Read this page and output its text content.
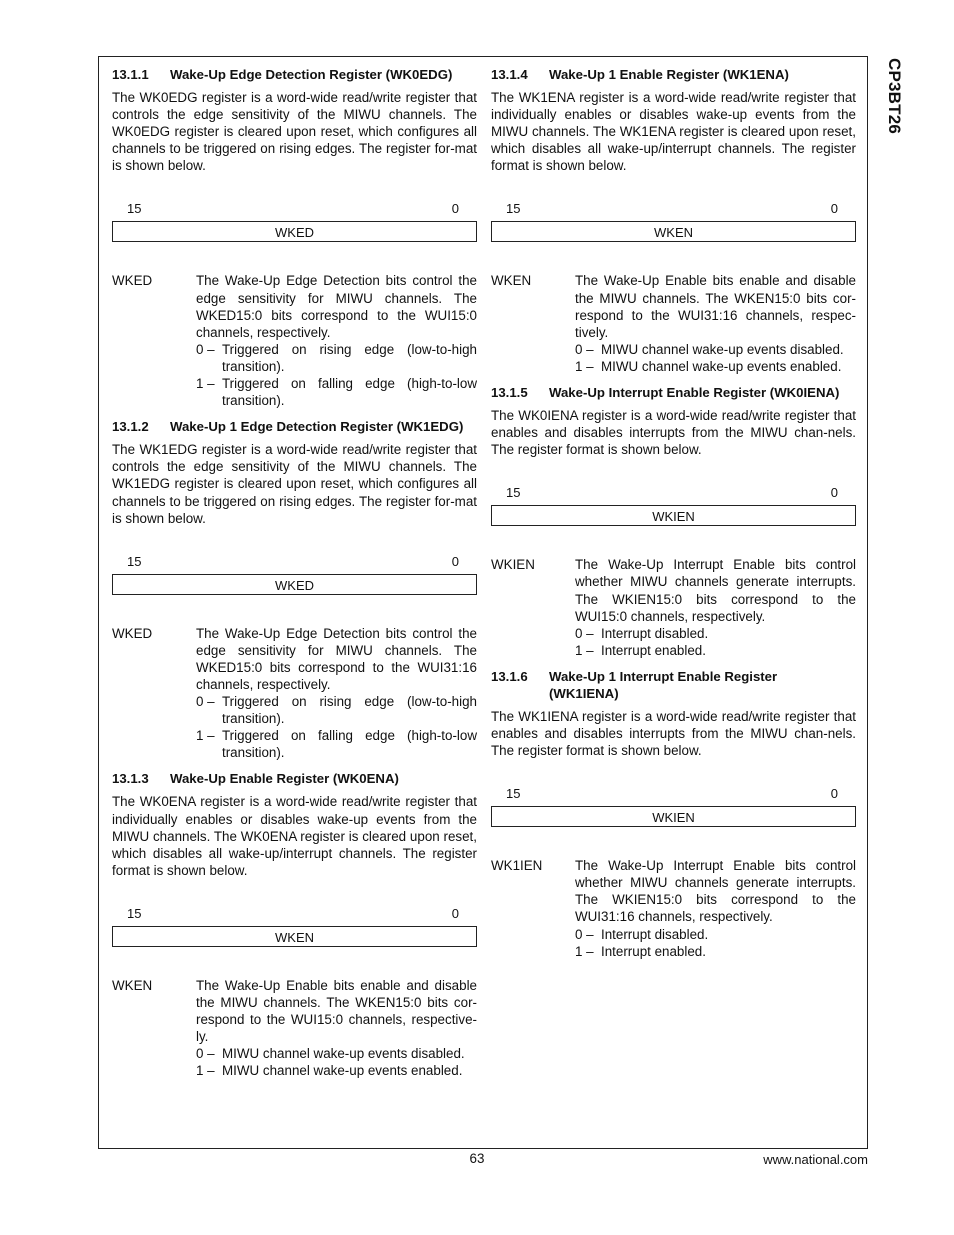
CP3BT26
13.1.1	Wake-Up Edge Detection Register (WK0EDG)

The WK0EDG register is a word-wide read/write register that controls the edge sensitivity of the MIWU channels. The WK0EDG register is cleared upon reset, which configures all channels to be triggered on rising edges. The register for-mat is shown below.

15	0
WKED
WKED	The Wake-Up Edge Detection bits control the edge sensitivity for MIWU channels. The WKED15:0 bits correspond to the WUI15:0 channels, respectively.

0 – Triggered on rising edge (low-to-high transition).
1 – Triggered on falling edge (high-to-low transition).
13.1.2	Wake-Up 1 Edge Detection Register (WK1EDG)

The WK1EDG register is a word-wide read/write register that controls the edge sensitivity of the MIWU channels. The WK1EDG register is cleared upon reset, which configures all channels to be triggered on rising edges. The register for-mat is shown below.

15	0
WKED
WKED	The Wake-Up Edge Detection bits control the edge sensitivity for MIWU channels. The WKED15:0 bits correspond to the WUI31:16 channels, respectively.

0 – Triggered on rising edge (low-to-high transition).
1 – Triggered on falling edge (high-to-low transition).
13.1.3	Wake-Up Enable Register (WK0ENA)

The WK0ENA register is a word-wide read/write register that individually enables or disables wake-up events from the MIWU channels. The WK0ENA register is cleared upon reset, which disables all wake-up/interrupt channels. The register format is shown below.

15	0
WKEN
WKEN	The Wake-Up Enable bits enable and disable the MIWU channels. The WKEN15:0 bits cor-respond to the WUI15:0 channels, respective-ly.

0 – MIWU channel wake-up events disabled.
1 – MIWU channel wake-up events enabled.
13.1.4	Wake-Up 1 Enable Register (WK1ENA)

The WK1ENA register is a word-wide read/write register that individually enables or disables wake-up events from the MIWU channels. The WK1ENA register is cleared upon reset, which disables all wake-up/interrupt channels. The register format is shown below.

15	0
WKEN
WKEN	The Wake-Up Enable bits enable and disable the MIWU channels. The WKEN15:0 bits cor-respond to the WUI31:16 channels, respec-tively.

0 – MIWU channel wake-up events disabled.
1 – MIWU channel wake-up events enabled.
13.1.5	Wake-Up Interrupt Enable Register (WK0IENA)

The WK0IENA register is a word-wide read/write register that enables and disables interrupts from the MIWU chan-nels. The register format is shown below.

15	0
WKIEN
WKIEN	The Wake-Up Interrupt Enable bits control whether MIWU channels generate interrupts. The WKIEN15:0 bits correspond to the WUI15:0 channels, respectively.

0 – Interrupt disabled.
1 – Interrupt enabled.
13.1.6	Wake-Up 1 Interrupt Enable Register (WK1IENA)

The WK1IENA register is a word-wide read/write register that enables and disables interrupts from the MIWU chan-nels. The register format is shown below.

15	0
WKIEN
WK1IEN	The Wake-Up Interrupt Enable bits control whether MIWU channels generate interrupts. The WKIEN15:0 bits correspond to the WUI31:16 channels, respectively.

0 – Interrupt disabled.
1 – Interrupt enabled.
63	www.national.com
